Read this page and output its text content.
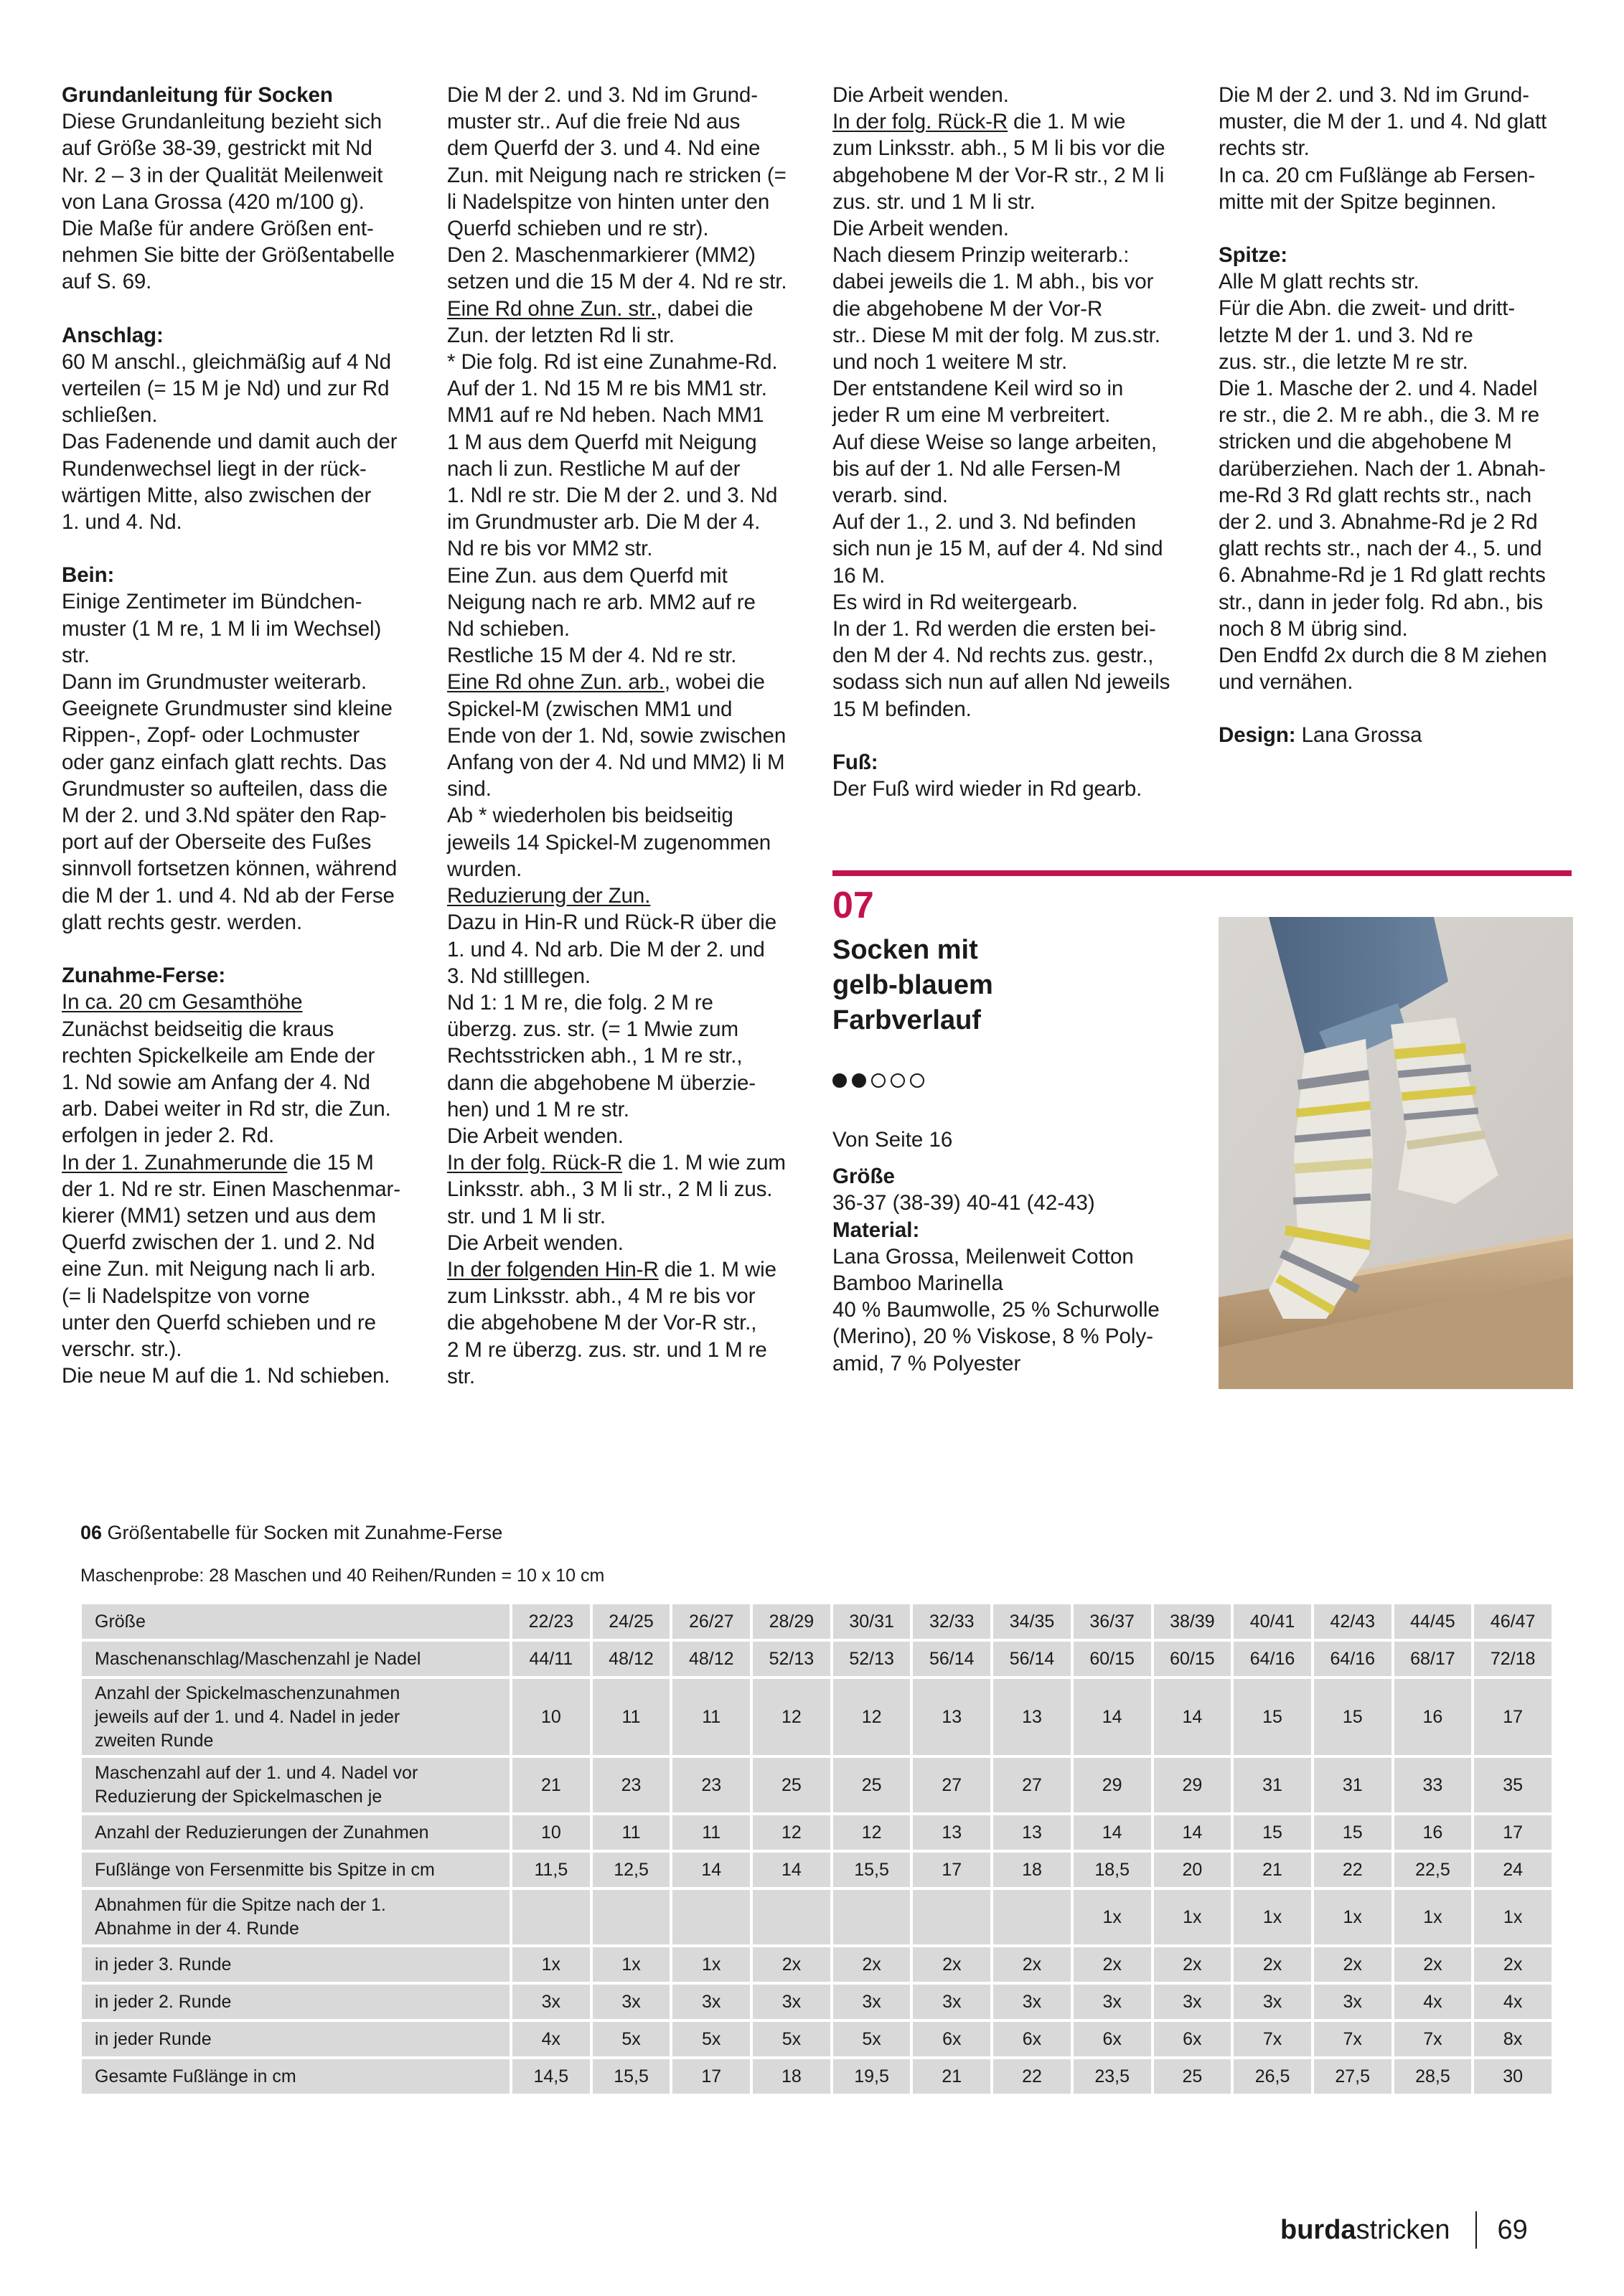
Grundanleitung für Socken

Diese Grundanleitung bezieht sich

auf Größe 38-39, gestrickt mit Nd

Nr. 2 – 3 in der Qualität Meilenweit

von Lana Grossa (420 m/100 g).

Die Maße für andere Größen ent-

nehmen Sie bitte der Größentabelle

auf S. 69.

Anschlag:

60 M anschl., gleichmäßig auf 4 Nd

verteilen (= 15 M je Nd) und zur Rd

schließen.

Das Fadenende und damit auch der

Rundenwechsel liegt in der rück-

wärtigen Mitte, also zwischen der

1. und 4. Nd.

Bein:

Einige Zentimeter im Bündchen-

muster (1 M re, 1 M li im Wechsel)

str.

Dann im Grundmuster weiterarb.

Geeignete Grundmuster sind kleine

Rippen-, Zopf- oder Lochmuster

oder ganz einfach glatt rechts. Das

Grundmuster so aufteilen, dass die

M der 2. und 3.Nd später den Rap-

port auf der Oberseite des Fußes

sinnvoll fortsetzen können, während

die M der 1. und 4. Nd ab der Ferse

glatt rechts gestr. werden.

Zunahme-Ferse:

In ca. 20 cm Gesamthöhe

Zunächst beidseitig die kraus

rechten Spickelkeile am Ende der

1. Nd sowie am Anfang der 4. Nd

arb. Dabei weiter in Rd str, die Zun.

erfolgen in jeder 2. Rd.

In der 1. Zunahmerunde die 15 M

der 1. Nd re str. Einen Maschenmar-

kierer (MM1) setzen und aus dem

Querfd zwischen der 1. und 2. Nd

eine Zun. mit Neigung nach li arb.

(= li Nadelspitze von vorne

unter den Querfd schieben und re

verschr. str.).

Die neue M auf die 1. Nd schieben.

Die M der 2. und 3. Nd im Grund-

muster str.. Auf die freie Nd aus

dem Querfd der 3. und 4. Nd eine

Zun. mit Neigung nach re stricken (=

li Nadelspitze von hinten unter den

Querfd schieben und re str).

Den 2. Maschenmarkierer (MM2)

setzen und die 15 M der 4. Nd re str.

Eine Rd ohne Zun. str., dabei die

Zun. der letzten Rd li str.

* Die folg. Rd ist eine Zunahme-Rd.

Auf der 1. Nd 15 M re bis MM1 str.

MM1 auf re Nd heben. Nach MM1

1 M aus dem Querfd mit Neigung

nach li zun. Restliche M auf der

1. Ndl re str. Die M der 2. und 3. Nd

im Grundmuster arb. Die M der 4.

Nd re bis vor MM2 str.

Eine Zun. aus dem Querfd mit

Neigung nach re arb. MM2 auf re

Nd schieben.

Restliche 15 M der 4. Nd re str.

Eine Rd ohne Zun. arb., wobei die

Spickel-M (zwischen MM1 und

Ende von der 1. Nd, sowie zwischen

Anfang von der 4. Nd und MM2) li M

sind.

Ab * wiederholen bis beidseitig

jeweils 14 Spickel-M zugenommen

wurden.

Reduzierung der Zun.

Dazu in Hin-R und Rück-R über die

1. und 4. Nd arb. Die M der 2. und

3. Nd stilllegen.

Nd 1: 1 M re, die folg. 2 M re

überzg. zus. str. (= 1 Mwie zum

Rechtsstricken abh., 1 M re str.,

dann die abgehobene M überzie-

hen) und 1 M re str.

Die Arbeit wenden.

In der folg. Rück-R die 1. M wie zum

Linksstr. abh., 3 M li str., 2 M li zus.

str. und 1 M li str.

Die Arbeit wenden.

In der folgenden Hin-R die 1. M wie

zum Linksstr. abh., 4 M re bis vor

die abgehobene M der Vor-R str.,

2 M re überzg. zus. str. und 1 M re

str.

Die Arbeit wenden.

In der folg. Rück-R die 1. M wie

zum Linksstr. abh., 5 M li bis vor die

abgehobene M der Vor-R str., 2 M li

zus. str. und 1 M li str.

Die Arbeit wenden.

Nach diesem Prinzip weiterarb.:

dabei jeweils die 1. M abh., bis vor

die abgehobene M der Vor-R

str.. Diese M mit der folg. M zus.str.

und noch 1 weitere M str.

Der entstandene Keil wird so in

jeder R um eine M verbreitert.

Auf diese Weise so lange arbeiten,

bis auf der 1. Nd alle Fersen-M

verarb. sind.

Auf der 1., 2. und 3. Nd befinden

sich nun je 15 M, auf der 4. Nd sind

16 M.

Es wird in Rd weitergearb.

In der 1. Rd werden die ersten bei-

den M der 4. Nd rechts zus. gestr.,

sodass sich nun auf allen Nd jeweils

15 M befinden.

Fuß:

Der Fuß wird wieder in Rd gearb.

Die M der 2. und 3. Nd im Grund-

muster, die M der 1. und 4. Nd glatt

rechts str.

In ca. 20 cm Fußlänge ab Fersen-

mitte mit der Spitze beginnen.

Spitze:

Alle M glatt rechts str.

Für die Abn. die zweit- und dritt-

letzte M der 1. und 3. Nd re

zus. str., die letzte M re str.

Die 1. Masche der 2. und 4. Nadel

re str., die 2. M re abh., die 3. M re

stricken und die abgehobene M

darüberziehen. Nach der 1. Abnah-

me-Rd 3 Rd glatt rechts str., nach

der 2. und 3. Abnahme-Rd je 2 Rd

glatt rechts str., nach der 4., 5. und

6. Abnahme-Rd je 1 Rd glatt rechts

str., dann in jeder folg. Rd abn., bis

noch 8 M übrig sind.

Den Endfd 2x durch die 8 M ziehen

und vernähen.

Design: Lana Grossa

07

Socken mit

gelb-blauem

Farbverlauf

Von Seite 16

Größe

36-37 (38-39) 40-41 (42-43)

Material:

Lana Grossa, Meilenweit Cotton

Bamboo Marinella

40 % Baumwolle, 25 % Schurwolle

(Merino), 20 % Viskose, 8 % Poly-

amid, 7 % Polyester

06 Größentabelle für Socken mit Zunahme-Ferse
Maschenprobe: 28 Maschen und 40 Reihen/Runden = 10 x 10 cm
Größe	22/23	24/25	26/27	28/29	30/31	32/33	34/35	36/37	38/39	40/41	42/43	44/45	46/47

Maschenanschlag/Maschenzahl je Nadel	44/11	48/12	48/12	52/13	52/13	56/14	56/14	60/15	60/15	64/16	64/16	68/17	72/18

Anzahl der Spickelmaschenzunahmen
jeweils auf der 1. und 4. Nadel in jeder
zweiten Runde	10	11	11	12	12	13	13	14	14	15	15	16	17

Maschenzahl auf der 1. und 4. Nadel vor
Reduzierung der Spickelmaschen je	21	23	23	25	25	27	27	29	29	31	31	33	35

Anzahl der Reduzierungen der Zunahmen	10	11	11	12	12	13	13	14	14	15	15	16	17

Fußlänge von Fersenmitte bis Spitze in cm	11,5	12,5	14	14	15,5	17	18	18,5	20	21	22	22,5	24

Abnahmen für die Spitze nach der 1.
Abnahme in der 4. Runde								1x	1x	1x	1x	1x	1x

in jeder 3. Runde	1x	1x	1x	2x	2x	2x	2x	2x	2x	2x	2x	2x	2x

in jeder 2. Runde	3x	3x	3x	3x	3x	3x	3x	3x	3x	3x	3x	4x	4x

in jeder Runde	4x	5x	5x	5x	5x	6x	6x	6x	6x	7x	7x	7x	8x

Gesamte Fußlänge in cm	14,5	15,5	17	18	19,5	21	22	23,5	25	26,5	27,5	28,5	30
burdastricken 69
